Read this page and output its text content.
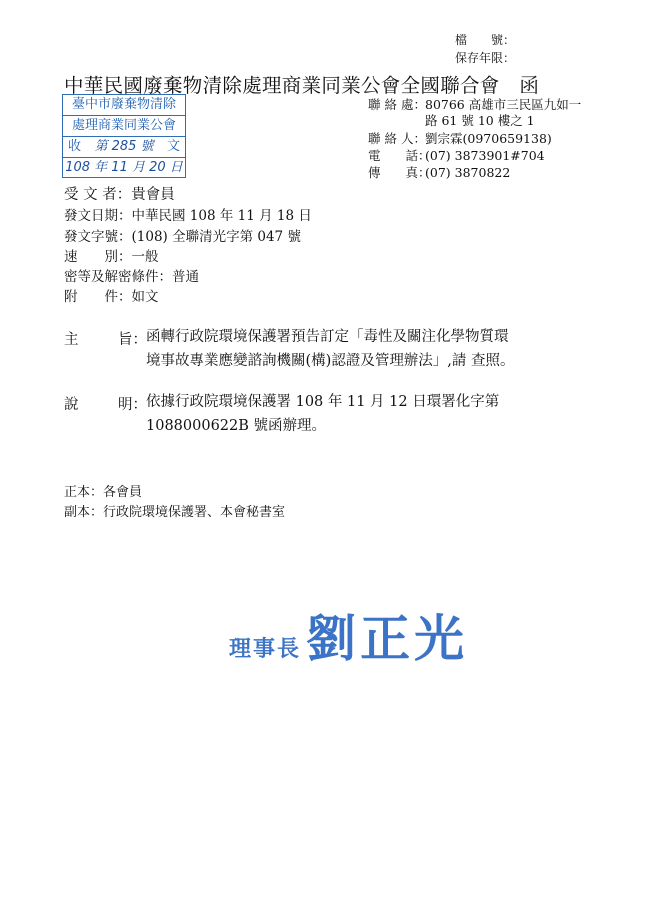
檔　　號：
保存年限：
中華民國廢棄物清除處理商業同業公會全國聯合會　函
臺中市廢棄物清除
處理商業同業公會
收 第 285 號 文
108 年 11 月 20 日
聯 絡 處：80766 高雄市三民區九如一
路 61 號 10 樓之 1
聯 絡 人：劉宗霖(0970659138)
電　　話：(07) 3873901#704
傳　　真：(07) 3870822
受 文 者：貴會員
發文日期：中華民國 108 年 11 月 18 日
發文字號：(108) 全聯清光字第 047 號
速　　別：一般
密等及解密條件：普通
附　　件：如文
主	旨： 函轉行政院環境保護署預告訂定「毒性及關注化學物質環
境事故專業應變諮詢機關(構)認證及管理辦法」,請 查照。
說	明： 依據行政院環境保護署 108 年 11 月 12 日環署化字第
1088000622B 號函辦理。
正本：各會員
副本：行政院環境保護署、本會秘書室
理事長 劉正光
